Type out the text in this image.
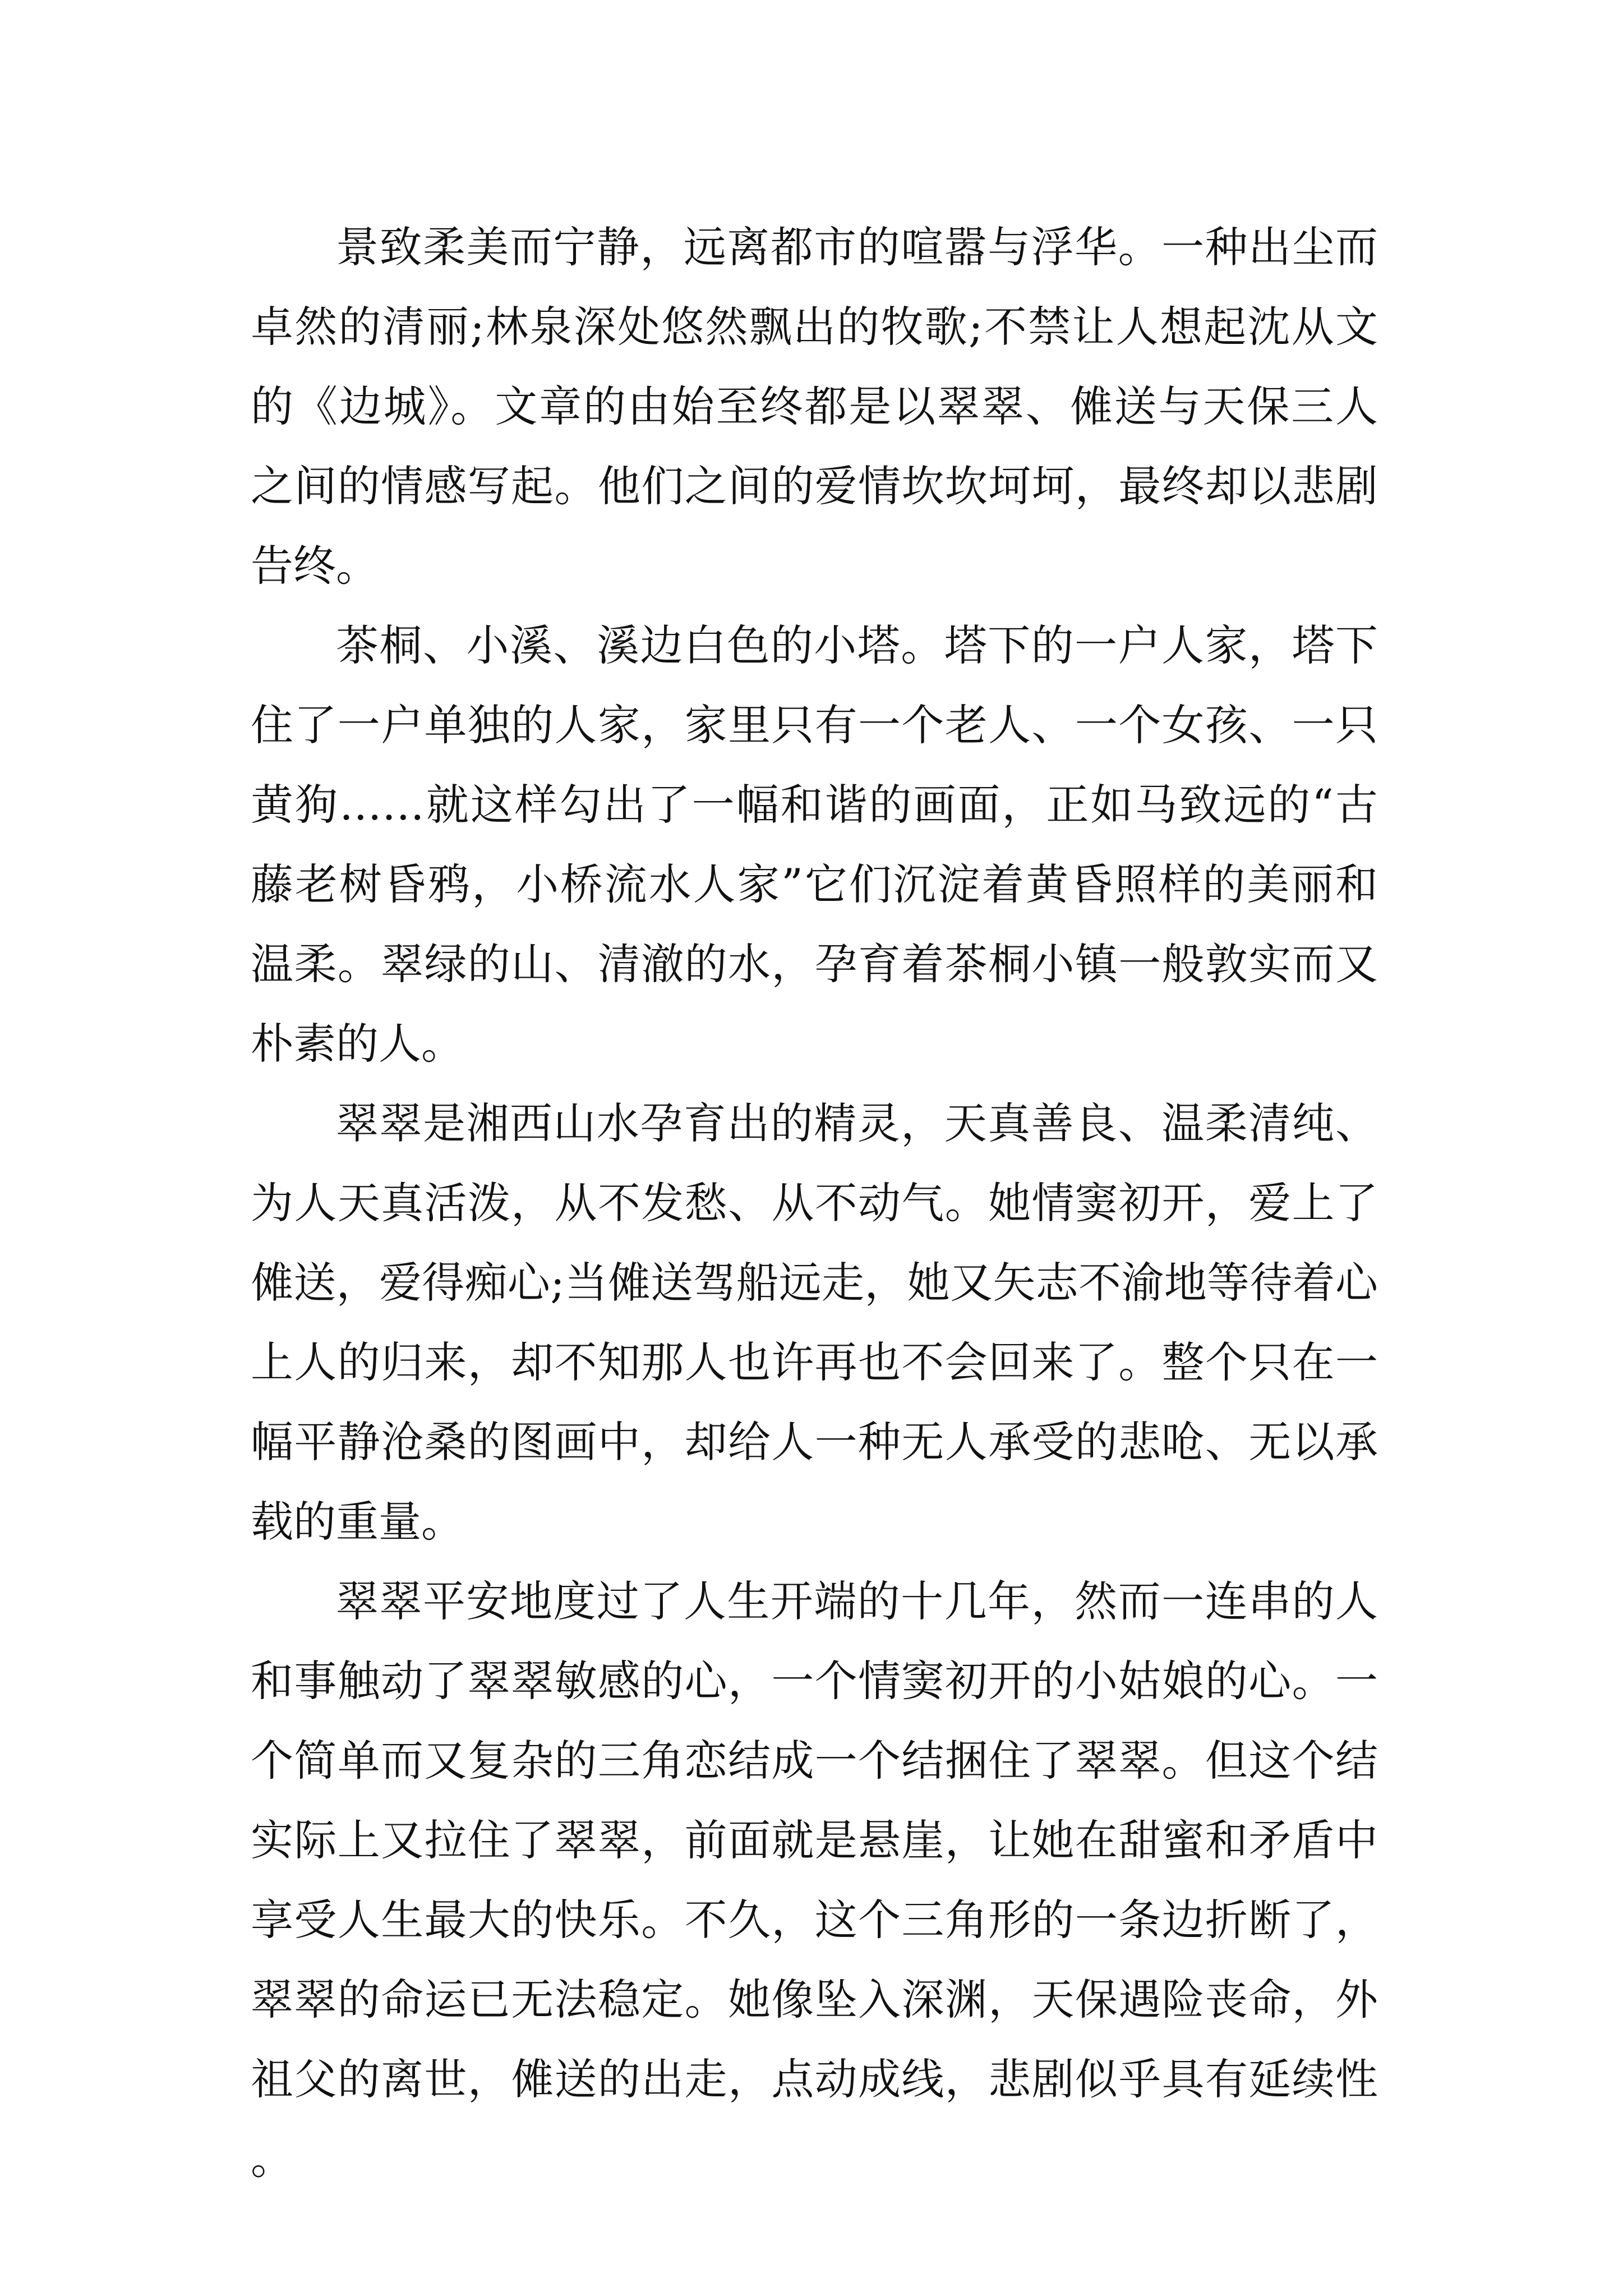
景致柔美而宁静，远离都市的喧嚣与浮华。一种出尘而卓然的清丽;林泉深处悠然飘出的牧歌;不禁让人想起沈从文的《边城》。文章的由始至终都是以翠翠、傩送与天保三人之间的情感写起。他们之间的爱情坎坎坷坷，最终却以悲剧告终。

茶桐、小溪、溪边白色的小塔。塔下的一户人家，塔下住了一户单独的人家，家里只有一个老人、一个女孩、一只黄狗……就这样勾出了一幅和谐的画面，正如马致远的“古藤老树昏鸦，小桥流水人家”它们沉淀着黄昏照样的美丽和温柔。翠绿的山、清澈的水，孕育着茶桐小镇一般敦实而又朴素的人。

翠翠是湘西山水孕育出的精灵，天真善良、温柔清纯、为人天真活泼，从不发愁、从不动气。她情窦初开，爱上了傩送，爱得痴心;当傩送驾船远走，她又矢志不渝地等待着心上人的归来，却不知那人也许再也不会回来了。整个只在一幅平静沧桑的图画中，却给人一种无人承受的悲呛、无以承载的重量。

翠翠平安地度过了人生开端的十几年，然而一连串的人和事触动了翠翠敏感的心，一个情窦初开的小姑娘的心。一个简单而又复杂的三角恋结成一个结捆住了翠翠。但这个结实际上又拉住了翠翠，前面就是悬崖，让她在甜蜜和矛盾中享受人生最大的快乐。不久，这个三角形的一条边折断了，翠翠的命运已无法稳定。她像坠入深渊，天保遇险丧命，外祖父的离世，傩送的出走，点动成线，悲剧似乎具有延续性。
